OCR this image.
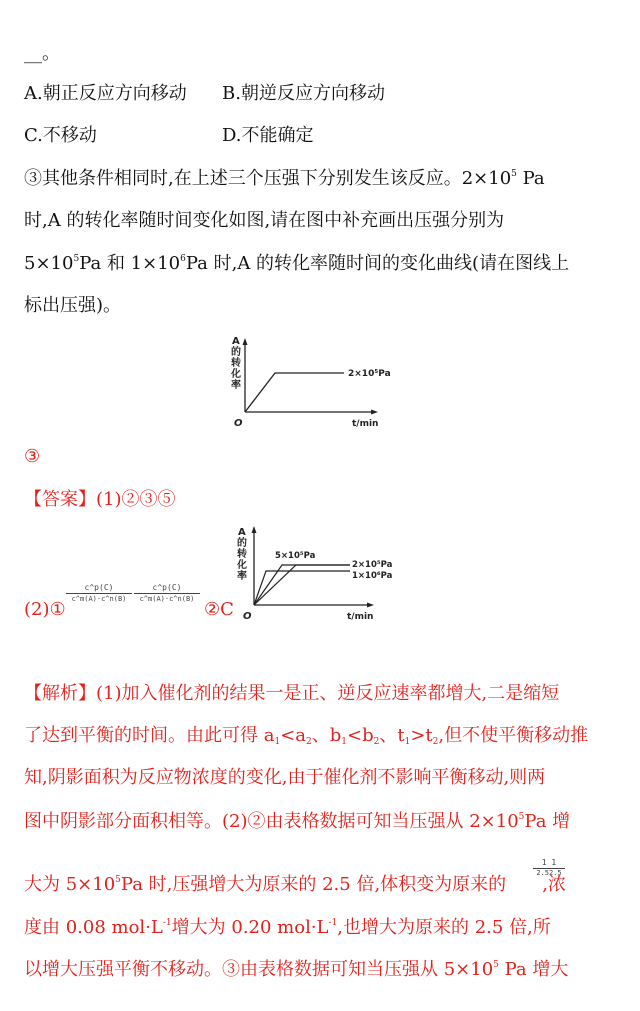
__。
A.朝正反应方向移动 B.朝逆反应方向移动
C.不移动	D.不能确定
③其他条件相同时,在上述三个压强下分别发生该反应。$2\times 10^5$ Pa
时,A 的转化率随时间变化如图,请在图中补充画出压强分别为
$5\times 10^5Pa$ 和 $1\times 10^6Pa$ 时,A 的转化率随时间的变化曲线(请在图线上
标出压强)。
A
的
转
化
率
2×10⁵Pa
O	t/min
③
【答案】(1)②③⑤
(2)①
$\frac{c\^{}p(C)}{c\^{}m(A)\cdot c\^{}n(B)} \frac{c\^{}p(C)}{c\^{}m(A)\cdot c\^{}n(B)}$
②C
A
的
转
化
率
5×10⁵Pa
2×10⁵Pa
1×10⁶Pa
O	t/min
【解析】(1)加入催化剂的结果一是正、逆反应速率都增大,二是缩短
了达到平衡的时间。由此可得 $a_1<a_2$、$b_1<b_2$、$t_1>t_2$,但不使平衡移动推
知,阴影面积为反应物浓度的变化,由于催化剂不影响平衡移动,则两
图中阴影部分面积相等。(2)②由表格数据可知当压强从 $2\times 10^5Pa$ 增
$\frac{1 1}{2.52.5}$
大为 $5\times 10^5Pa$ 时,压强增大为原来的 2.5 倍,体积变为原来的 ,浓
度由 0.08 $mol\cdot L^{-1}$增大为 0.20 $mol\cdot L^{-1}$,也增大为原来的 2.5 倍,所
以增大压强平衡不移动。③由表格数据可知当压强从 $5\times 10^5$ Pa 增大
